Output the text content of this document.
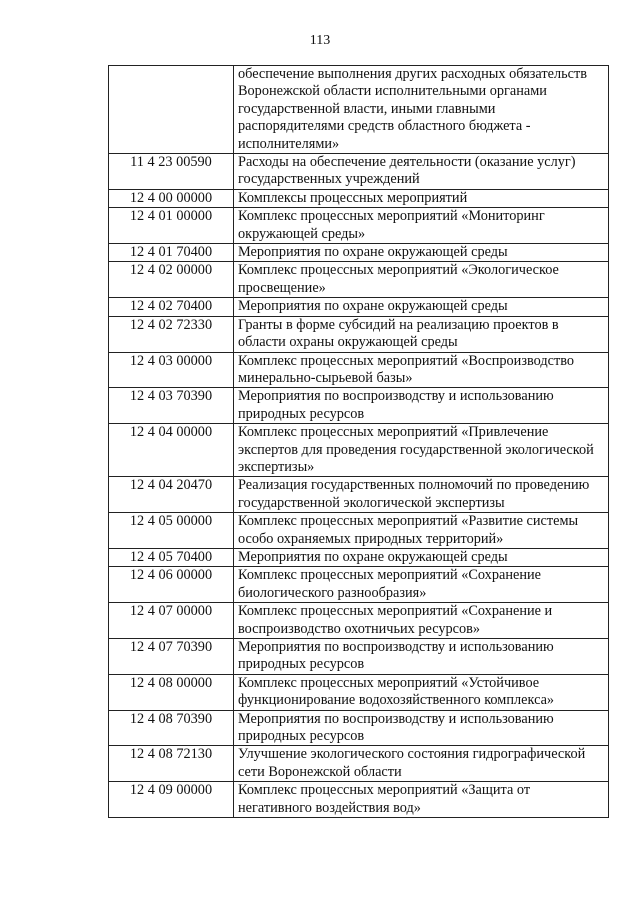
113
	обеспечение выполнения других расходных обязательств Воронежской области исполнительными органами государственной власти, иными главными распорядителями средств областного бюджета - исполнителями»
11 4 23 00590	Расходы на обеспечение деятельности (оказание услуг) государственных учреждений
12 4 00 00000	Комплексы процессных мероприятий
12 4 01 00000	Комплекс процессных мероприятий «Мониторинг окружающей среды»
12 4 01 70400	Мероприятия по охране окружающей среды
12 4 02 00000	Комплекс процессных мероприятий «Экологическое просвещение»
12 4 02 70400	Мероприятия по охране окружающей среды
12 4 02 72330	Гранты в форме субсидий на реализацию проектов в области охраны окружающей среды
12 4 03 00000	Комплекс процессных мероприятий «Воспроизводство минерально-сырьевой базы»
12 4 03 70390	Мероприятия по воспроизводству и использованию природных ресурсов
12 4 04 00000	Комплекс процессных мероприятий «Привлечение экспертов для проведения государственной экологической экспертизы»
12 4 04 20470	Реализация государственных полномочий по проведению государственной экологической экспертизы
12 4 05 00000	Комплекс процессных мероприятий «Развитие системы особо охраняемых природных территорий»
12 4 05 70400	Мероприятия по охране окружающей среды
12 4 06 00000	Комплекс процессных мероприятий «Сохранение биологического разнообразия»
12 4 07 00000	Комплекс процессных мероприятий «Сохранение и воспроизводство охотничьих ресурсов»
12 4 07 70390	Мероприятия по воспроизводству и использованию природных ресурсов
12 4 08 00000	Комплекс процессных мероприятий «Устойчивое функционирование водохозяйственного комплекса»
12 4 08 70390	Мероприятия по воспроизводству и использованию природных ресурсов
12 4 08 72130	Улучшение экологического состояния гидрографической сети Воронежской области
12 4 09 00000	Комплекс процессных мероприятий «Защита от негативного воздействия вод»
